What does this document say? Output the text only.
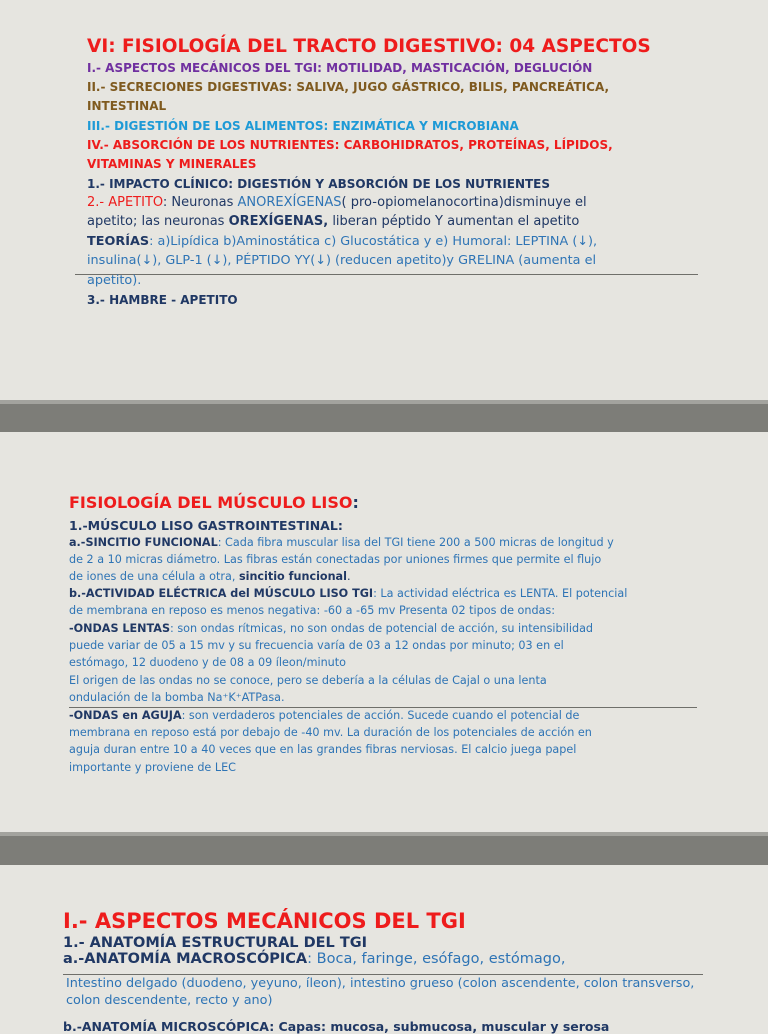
VI: FISIOLOGÍA DEL TRACTO DIGESTIVO: 04 ASPECTOS
I.- ASPECTOS MECÁNICOS DEL TGI: MOTILIDAD, MASTICACIÓN, DEGLUCIÓN
II.- SECRECIONES DIGESTIVAS: SALIVA, JUGO GÁSTRICO, BILIS, PANCREÁTICA,
INTESTINAL
III.- DIGESTIÓN DE LOS ALIMENTOS: ENZIMÁTICA Y MICROBIANA
IV.- ABSORCIÓN DE LOS NUTRIENTES: CARBOHIDRATOS, PROTEÍNAS, LÍPIDOS,
VITAMINAS Y MINERALES
1.- IMPACTO CLÍNICO: DIGESTIÓN Y ABSORCIÓN DE LOS NUTRIENTES
2.- APETITO: Neuronas ANOREXÍGENAS( pro-opiomelanocortina)disminuye el
apetito; las neuronas OREXÍGENAS, liberan péptido Y aumentan el apetito
TEORÍAS: a)Lipídica b)Aminostática c) Glucostática y e) Humoral: LEPTINA (↓),
insulina(↓), GLP-1 (↓), PÉPTIDO YY(↓) (reducen apetito)y GRELINA (aumenta el
apetito).
3.- HAMBRE - APETITO
FISIOLOGÍA DEL MÚSCULO LISO:
1.-MÚSCULO LISO GASTROINTESTINAL:
a.-SINCITIO FUNCIONAL: Cada fibra muscular lisa del TGI tiene 200 a 500 micras de longitud y
de 2 a 10 micras diámetro. Las fibras están conectadas por uniones firmes que permite el flujo
de iones de una célula a otra, sincitio funcional.
b.-ACTIVIDAD ELÉCTRICA del MÚSCULO LISO TGI: La actividad eléctrica es LENTA. El potencial
de membrana en reposo es menos negativa: -60 a -65 mv Presenta 02 tipos de ondas:
-ONDAS LENTAS: son ondas rítmicas, no son ondas de potencial de acción, su intensibilidad
puede variar de 05 a 15 mv y su frecuencia varía de 03 a 12 ondas por minuto; 03 en el
estómago, 12 duodeno y de 08 a 09 íleon/minuto
El origen de las ondas no se conoce, pero se debería a la células de Cajal o una lenta
ondulación de la bomba Na⁺K⁺ATPasa.
-ONDAS en AGUJA: son verdaderos potenciales de acción. Sucede cuando el potencial de
membrana en reposo está por debajo de -40 mv. La duración de los potenciales de acción en
aguja duran entre 10 a 40 veces que en las grandes fibras nerviosas. El calcio juega papel
importante y proviene de LEC
I.- ASPECTOS MECÁNICOS DEL TGI
1.- ANATOMÍA ESTRUCTURAL DEL TGI
a.-ANATOMÍA MACROSCÓPICA: Boca, faringe, esófago, estómago,
Intestino delgado (duodeno, yeyuno, íleon), intestino grueso (colon ascendente, colon transverso,
colon descendente, recto y ano)
b.-ANATOMÍA MICROSCÓPICA: Capas: mucosa, submucosa, muscular y serosa
